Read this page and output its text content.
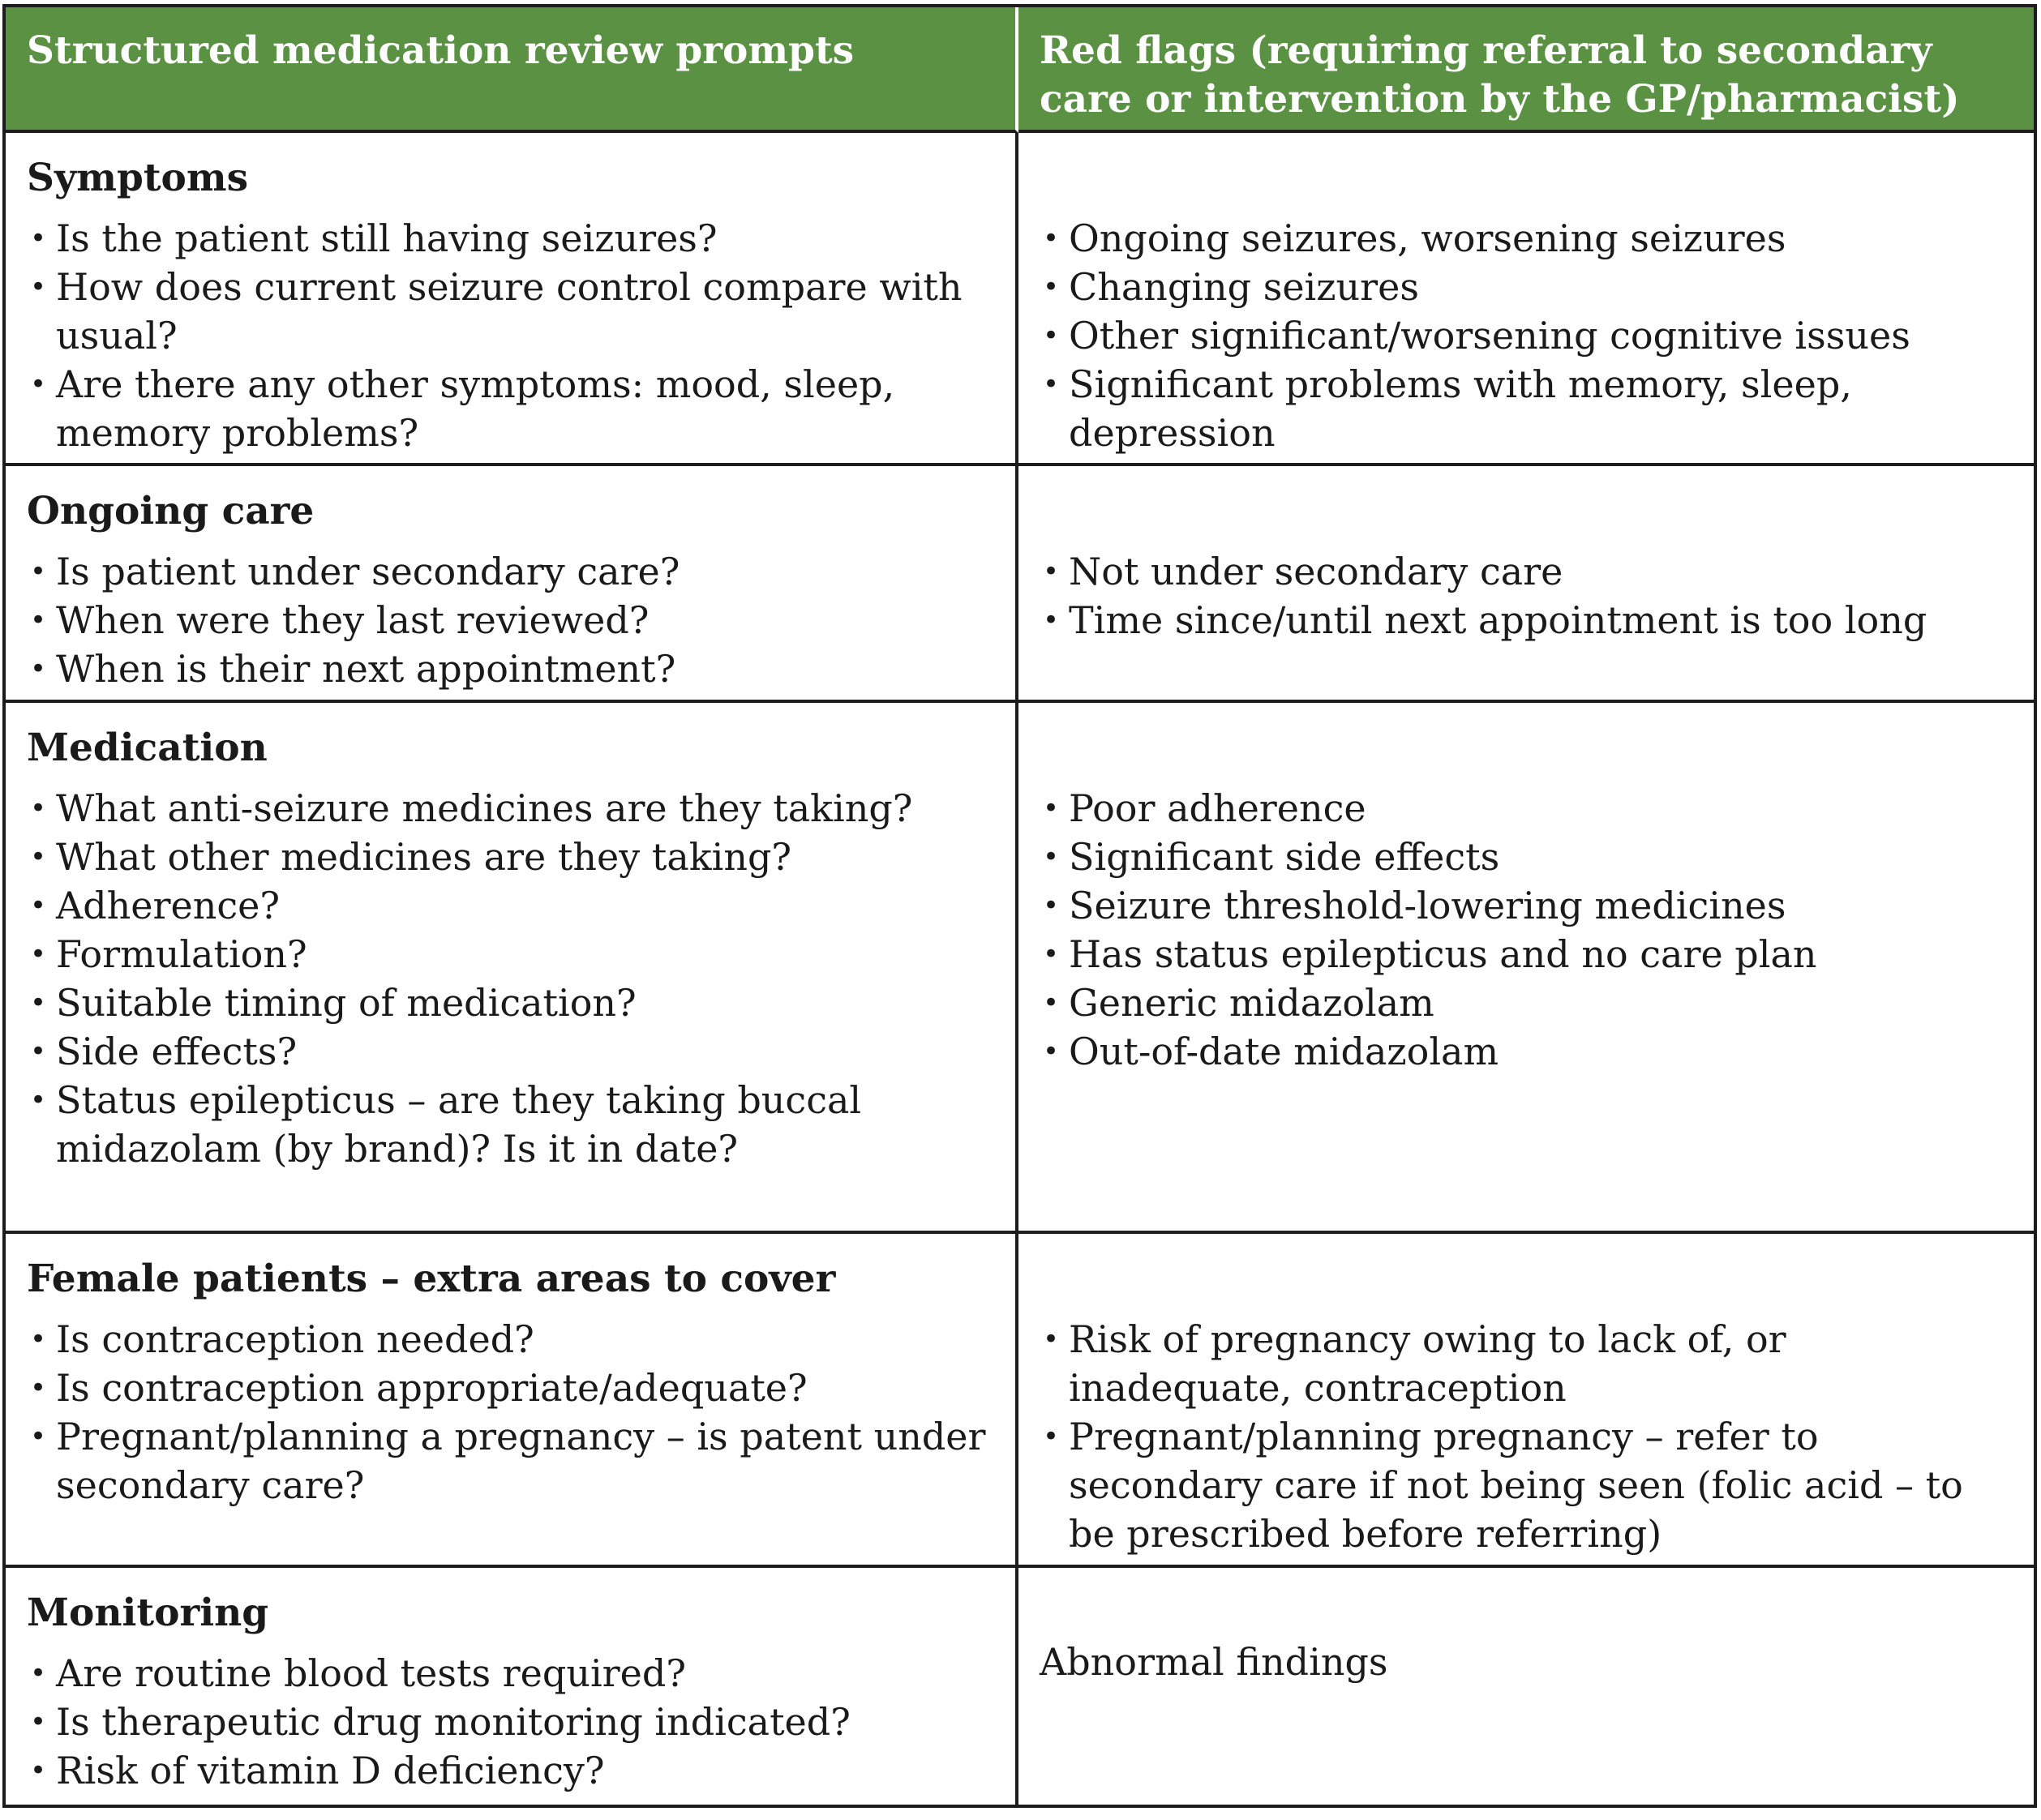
Structured medication review prompts	Red flags (requiring referral to secondary care or intervention by the GP/pharmacist)
Symptoms
• Is the patient still having seizures?
• How does current seizure control compare with usual?
• Are there any other symptoms: mood, sleep, memory problems?
• Ongoing seizures, worsening seizures
• Changing seizures
• Other significant/worsening cognitive issues
• Significant problems with memory, sleep, depression
Ongoing care
• Is patient under secondary care?
• When were they last reviewed?
• When is their next appointment?
• Not under secondary care
• Time since/until next appointment is too long
Medication
• What anti-seizure medicines are they taking?
• What other medicines are they taking?
• Adherence?
• Formulation?
• Suitable timing of medication?
• Side effects?
• Status epilepticus – are they taking buccal midazolam (by brand)? Is it in date?
• Poor adherence
• Significant side effects
• Seizure threshold-lowering medicines
• Has status epilepticus and no care plan
• Generic midazolam
• Out-of-date midazolam
Female patients – extra areas to cover
• Is contraception needed?
• Is contraception appropriate/adequate?
• Pregnant/planning a pregnancy – is patent under secondary care?
• Risk of pregnancy owing to lack of, or inadequate, contraception
• Pregnant/planning pregnancy – refer to secondary care if not being seen (folic acid – to be prescribed before referring)
Monitoring
• Are routine blood tests required?
• Is therapeutic drug monitoring indicated?
• Risk of vitamin D deficiency?
Abnormal findings
